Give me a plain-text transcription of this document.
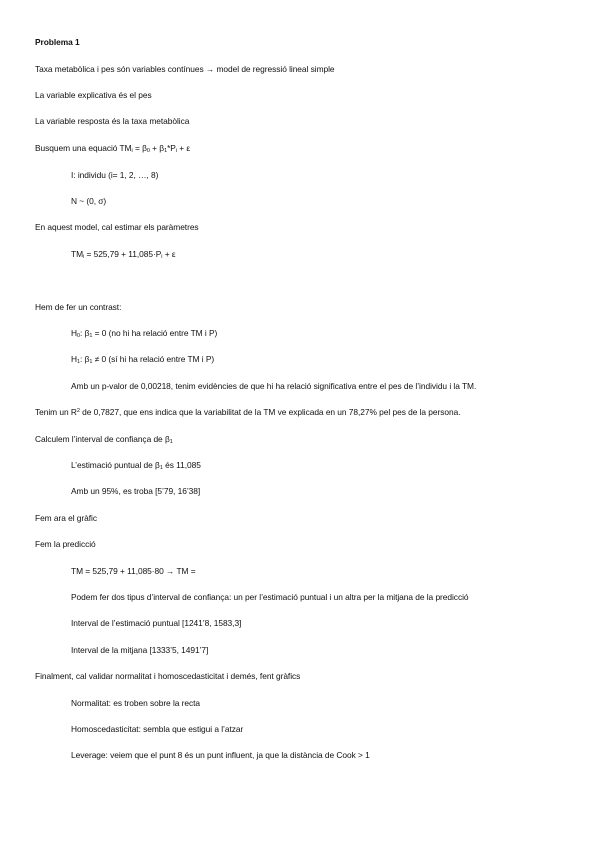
Problema 1
Taxa metabòlica i pes són variables contínues → model de regressió lineal simple
La variable explicativa és el pes
La variable resposta és la taxa metabòlica
Busquem una equació $TM_i = \beta_0 + \beta_1*P_i + \varepsilon$
I: individu (i= 1, 2, …, 8)
N ~ (0, σ)
En aquest model, cal estimar els paràmetres
$TM_i = 525,79 + 11,085\cdot P_i + \varepsilon$
Hem de fer un contrast:
$H_0$: $\beta_1 = 0$ (no hi ha relació entre TM i P)
$H_1$: $\beta_1 \ne 0$ (sí hi ha relació entre TM i P)
Amb un p-valor de 0,00218, tenim evidències de que hi ha relació significativa entre el pes de l’individu i la TM.
Tenim un $R^2$ de 0,7827, que ens indica que la variabilitat de la TM ve explicada en un 78,27% pel pes de la persona.
Calculem l’interval de confiança de $\beta_1$
L’estimació puntual de $\beta_1$ és 11,085
Amb un 95%, es troba [5’79, 16’38]
Fem ara el gràfic
Fem la predicció
TM = 525,79 + 11,085·80 → TM =
Podem fer dos tipus d’interval de confiança: un per l’estimació puntual i un altra per la mitjana de la predicció
Interval de l’estimació puntual [1241’8, 1583,3]
Interval de la mitjana [1333’5, 1491’7]
Finalment, cal validar normalitat i homoscedasticitat i demés, fent gràfics
Normalitat: es troben sobre la recta
Homoscedasticitat: sembla que estigui a l’atzar
Leverage: veiem que el punt 8 és un punt influent, ja que la distància de Cook > 1
